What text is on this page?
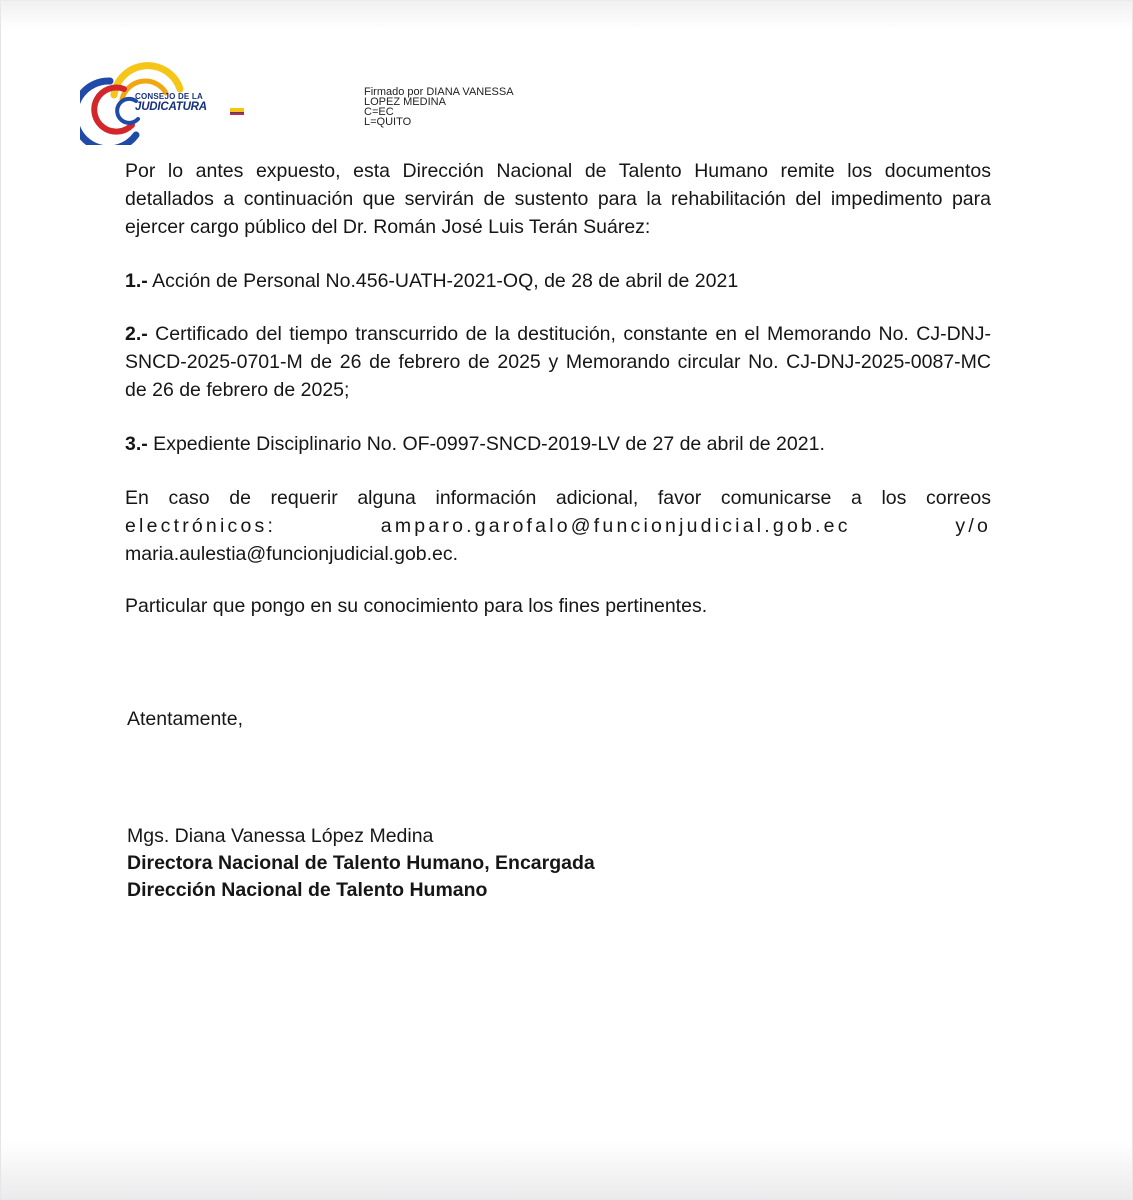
CONSEJO DE LA
JUDICATURA
Firmado por DIANA VANESSA
LOPEZ MEDINA
C=EC
L=QUITO
Por lo antes expuesto, esta Dirección Nacional de Talento Humano remite los documentos detallados a continuación que servirán de sustento para la rehabilitación del impedimento para ejercer cargo público del Dr. Román José Luis Terán Suárez:
1.- Acción de Personal No.456-UATH-2021-OQ, de 28 de abril de 2021
2.- Certificado del tiempo transcurrido de la destitución, constante en el Memorando No. CJ-DNJ-SNCD-2025-0701-M de 26 de febrero de 2025 y Memorando circular No. CJ-DNJ-2025-0087-MC de 26 de febrero de 2025;
3.- Expediente Disciplinario No. OF-0997-SNCD-2019-LV de 27 de abril de 2021.
En caso de requerir alguna información adicional, favor comunicarse a los correos
electrónicos: amparo.garofalo@funcionjudicial.gob.ec y/o
maria.aulestia@funcionjudicial.gob.ec.
Particular que pongo en su conocimiento para los fines pertinentes.
Atentamente,
Mgs. Diana Vanessa López Medina
Directora Nacional de Talento Humano, Encargada
Dirección Nacional de Talento Humano
